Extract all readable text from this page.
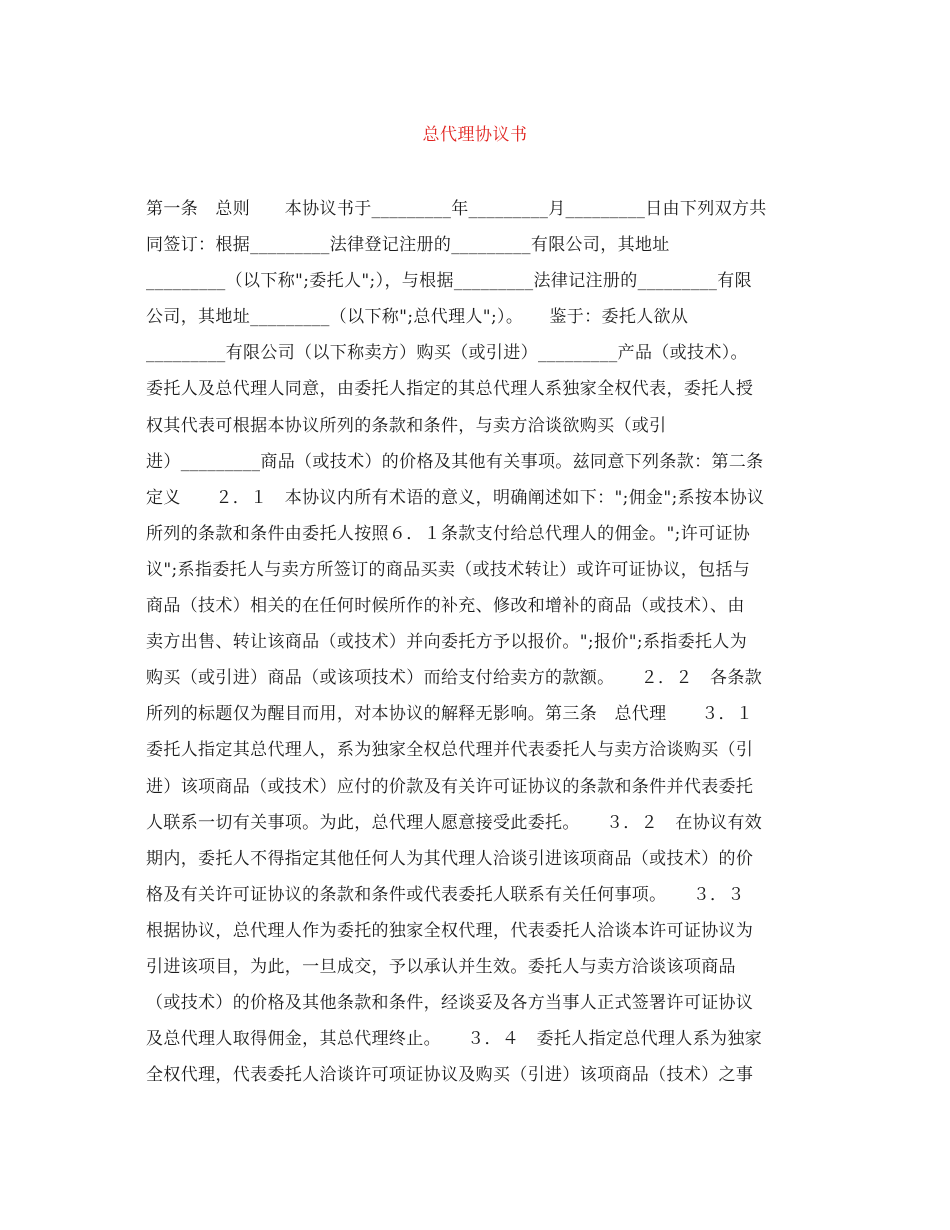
总代理协议书
第一条　总则　　本协议书于_________年_________月_________日由下列双方共
同签订：根据_________法律登记注册的_________有限公司，其地址
_________（以下称";委托人";），与根据_________法律记注册的_________有限
公司，其地址_________（以下称";总代理人";）。　　鉴于：委托人欲从
_________有限公司（以下称卖方）购买（或引进）_________产品（或技术）。
委托人及总代理人同意，由委托人指定的其总代理人系独家全权代表，委托人授
权其代表可根据本协议所列的条款和条件，与卖方洽谈欲购买（或引
进）_________商品（或技术）的价格及其他有关事项。兹同意下列条款：第二条
定义　　２．１　本协议内所有术语的意义，明确阐述如下：";佣金";系按本协议
所列的条款和条件由委托人按照６．１条款支付给总代理人的佣金。";许可证协
议";系指委托人与卖方所签订的商品买卖（或技术转让）或许可证协议，包括与
商品（技术）相关的在任何时候所作的补充、修改和增补的商品（或技术）、由
卖方出售、转让该商品（或技术）并向委托方予以报价。";报价";系指委托人为
购买（或引进）商品（或该项技术）而给支付给卖方的款额。　　２．２　各条款
所列的标题仅为醒目而用，对本协议的解释无影响。第三条　总代理　　３．１
委托人指定其总代理人，系为独家全权总代理并代表委托人与卖方洽谈购买（引
进）该项商品（或技术）应付的价款及有关许可证协议的条款和条件并代表委托
人联系一切有关事项。为此，总代理人愿意接受此委托。　　３．２　在协议有效
期内，委托人不得指定其他任何人为其代理人洽谈引进该项商品（或技术）的价
格及有关许可证协议的条款和条件或代表委托人联系有关任何事项。　　３．３
根据协议，总代理人作为委托的独家全权代理，代表委托人洽谈本许可证协议为
引进该项目，为此，一旦成交，予以承认并生效。委托人与卖方洽谈该项商品
（或技术）的价格及其他条款和条件，经谈妥及各方当事人正式签署许可证协议
及总代理人取得佣金，其总代理终止。　　３．４　委托人指定总代理人系为独家
全权代理，代表委托人洽谈许可项证协议及购买（引进）该项商品（技术）之事
